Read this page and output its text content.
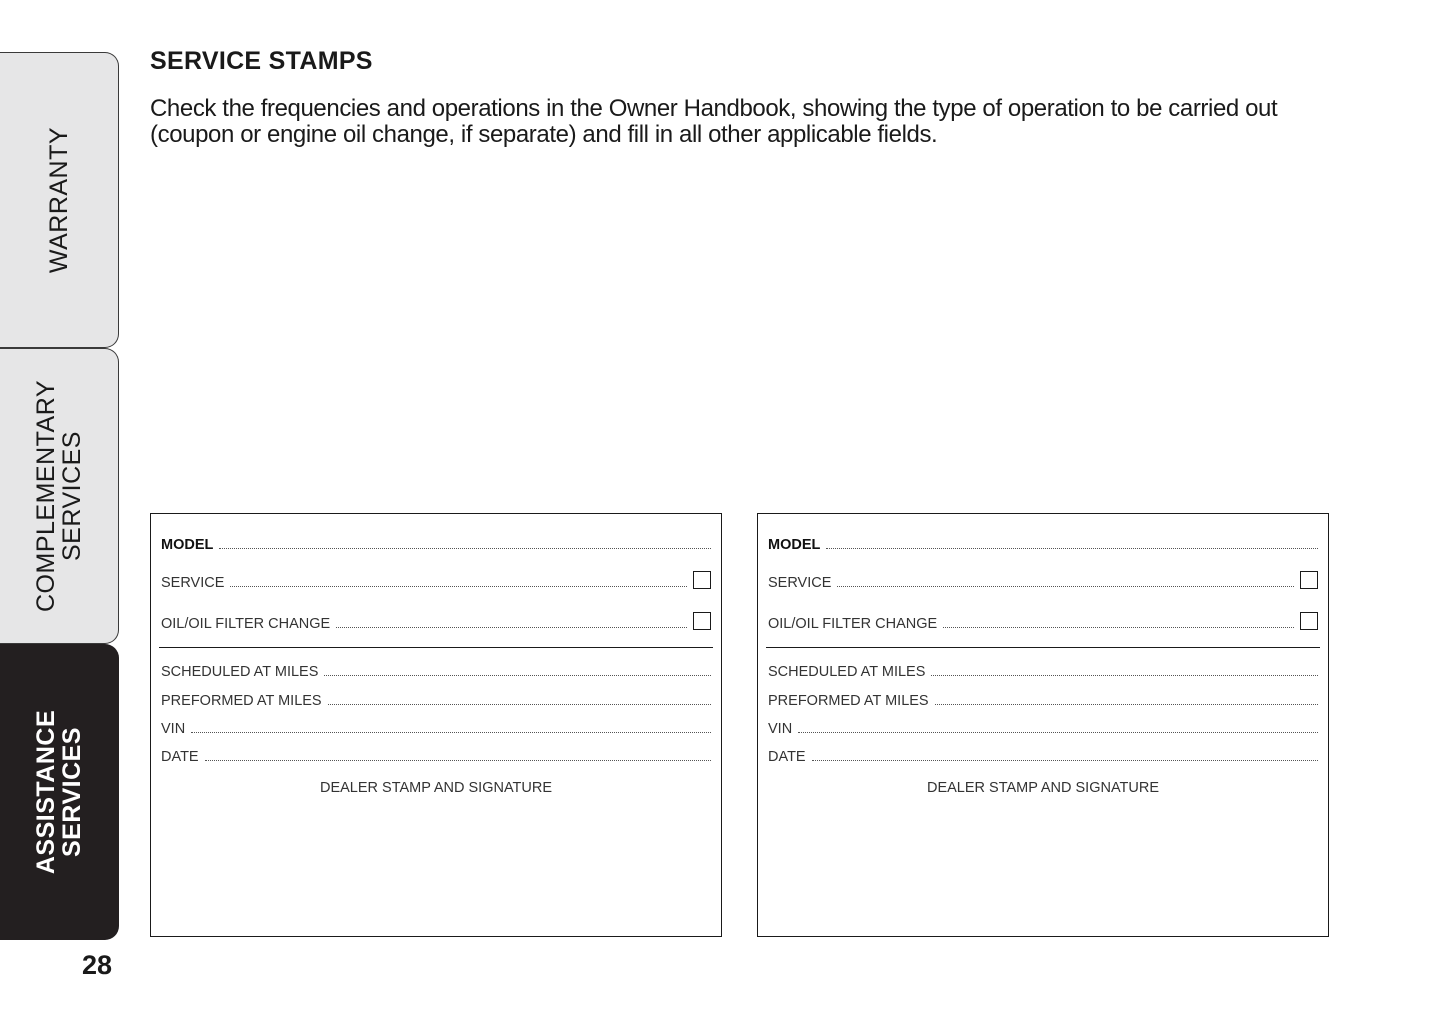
WARRANTY
COMPLEMENTARY
SERVICES
ASSISTANCE
SERVICES
28
SERVICE STAMPS
Check the frequencies and operations in the Owner Handbook, showing the type of operation to be carried out (coupon or engine oil change, if separate) and fill in all other applicable fields.
MODEL
SERVICE
OIL/OIL FILTER CHANGE
SCHEDULED AT MILES
PREFORMED AT MILES
VIN
DATE
DEALER STAMP AND SIGNATURE
MODEL
SERVICE
OIL/OIL FILTER CHANGE
SCHEDULED AT MILES
PREFORMED AT MILES
VIN
DATE
DEALER STAMP AND SIGNATURE
